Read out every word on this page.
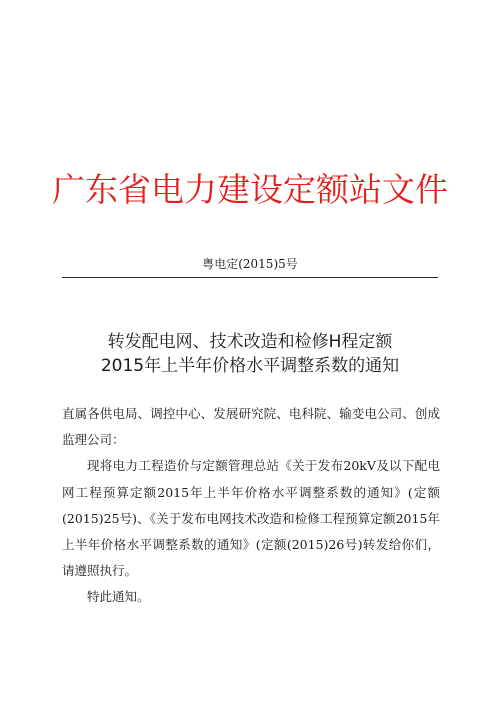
广东省电力建设定额站文件
粤电定(2015)5号
转发配电网、技术改造和检修H程定额
2015年上半年价格水平调整系数的通知

直属各供电局、调控中心、发展研究院、电科院、输变电公司、创成监理公司：

现将电力工程造价与定额管理总站《关于发布20kV及以下配电网工程预算定额2015年上半年价格水平调整系数的通知》(定额(2015)25号)、《关于发布电网技术改造和检修工程预算定额2015年上半年价格水平调整系数的通知》(定额(2015)26号)转发给你们，请遵照执行。

特此通知。
